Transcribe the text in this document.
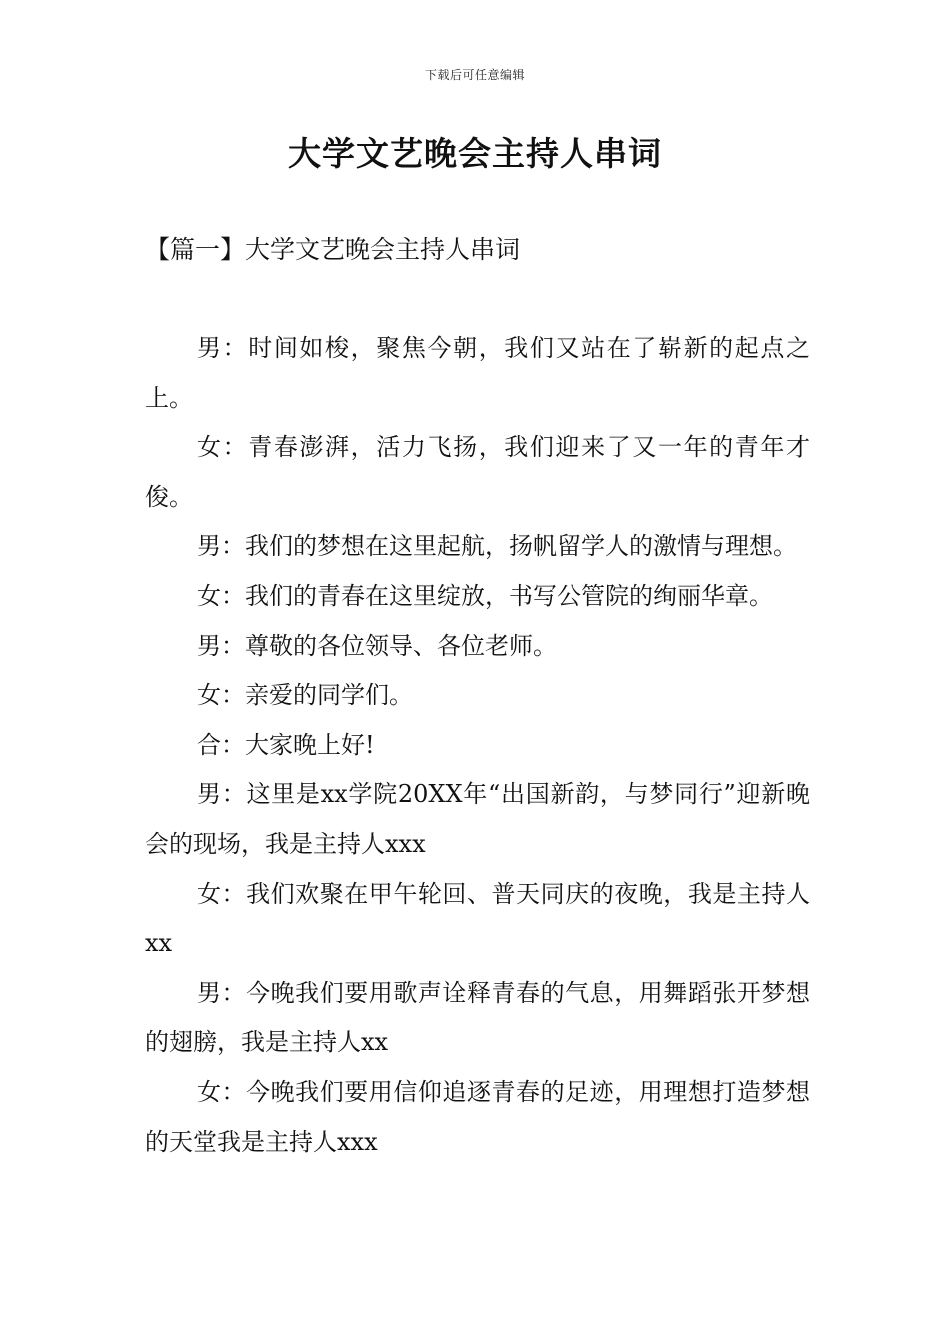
下载后可任意编辑
大学文艺晚会主持人串词
【篇一】大学文艺晚会主持人串词

男：时间如梭，聚焦今朝，我们又站在了崭新的起点之上。

女：青春澎湃，活力飞扬，我们迎来了又一年的青年才俊。

男：我们的梦想在这里起航，扬帆留学人的激情与理想。

女：我们的青春在这里绽放，书写公管院的绚丽华章。

男：尊敬的各位领导、各位老师。

女：亲爱的同学们。

合：大家晚上好!

男：这里是xx学院20XX年“出国新韵，与梦同行”迎新晚会的现场，我是主持人xxx

女：我们欢聚在甲午轮回、普天同庆的夜晚，我是主持人xx

男：今晚我们要用歌声诠释青春的气息，用舞蹈张开梦想的翅膀，我是主持人xx

女：今晚我们要用信仰追逐青春的足迹，用理想打造梦想的天堂我是主持人xxx
